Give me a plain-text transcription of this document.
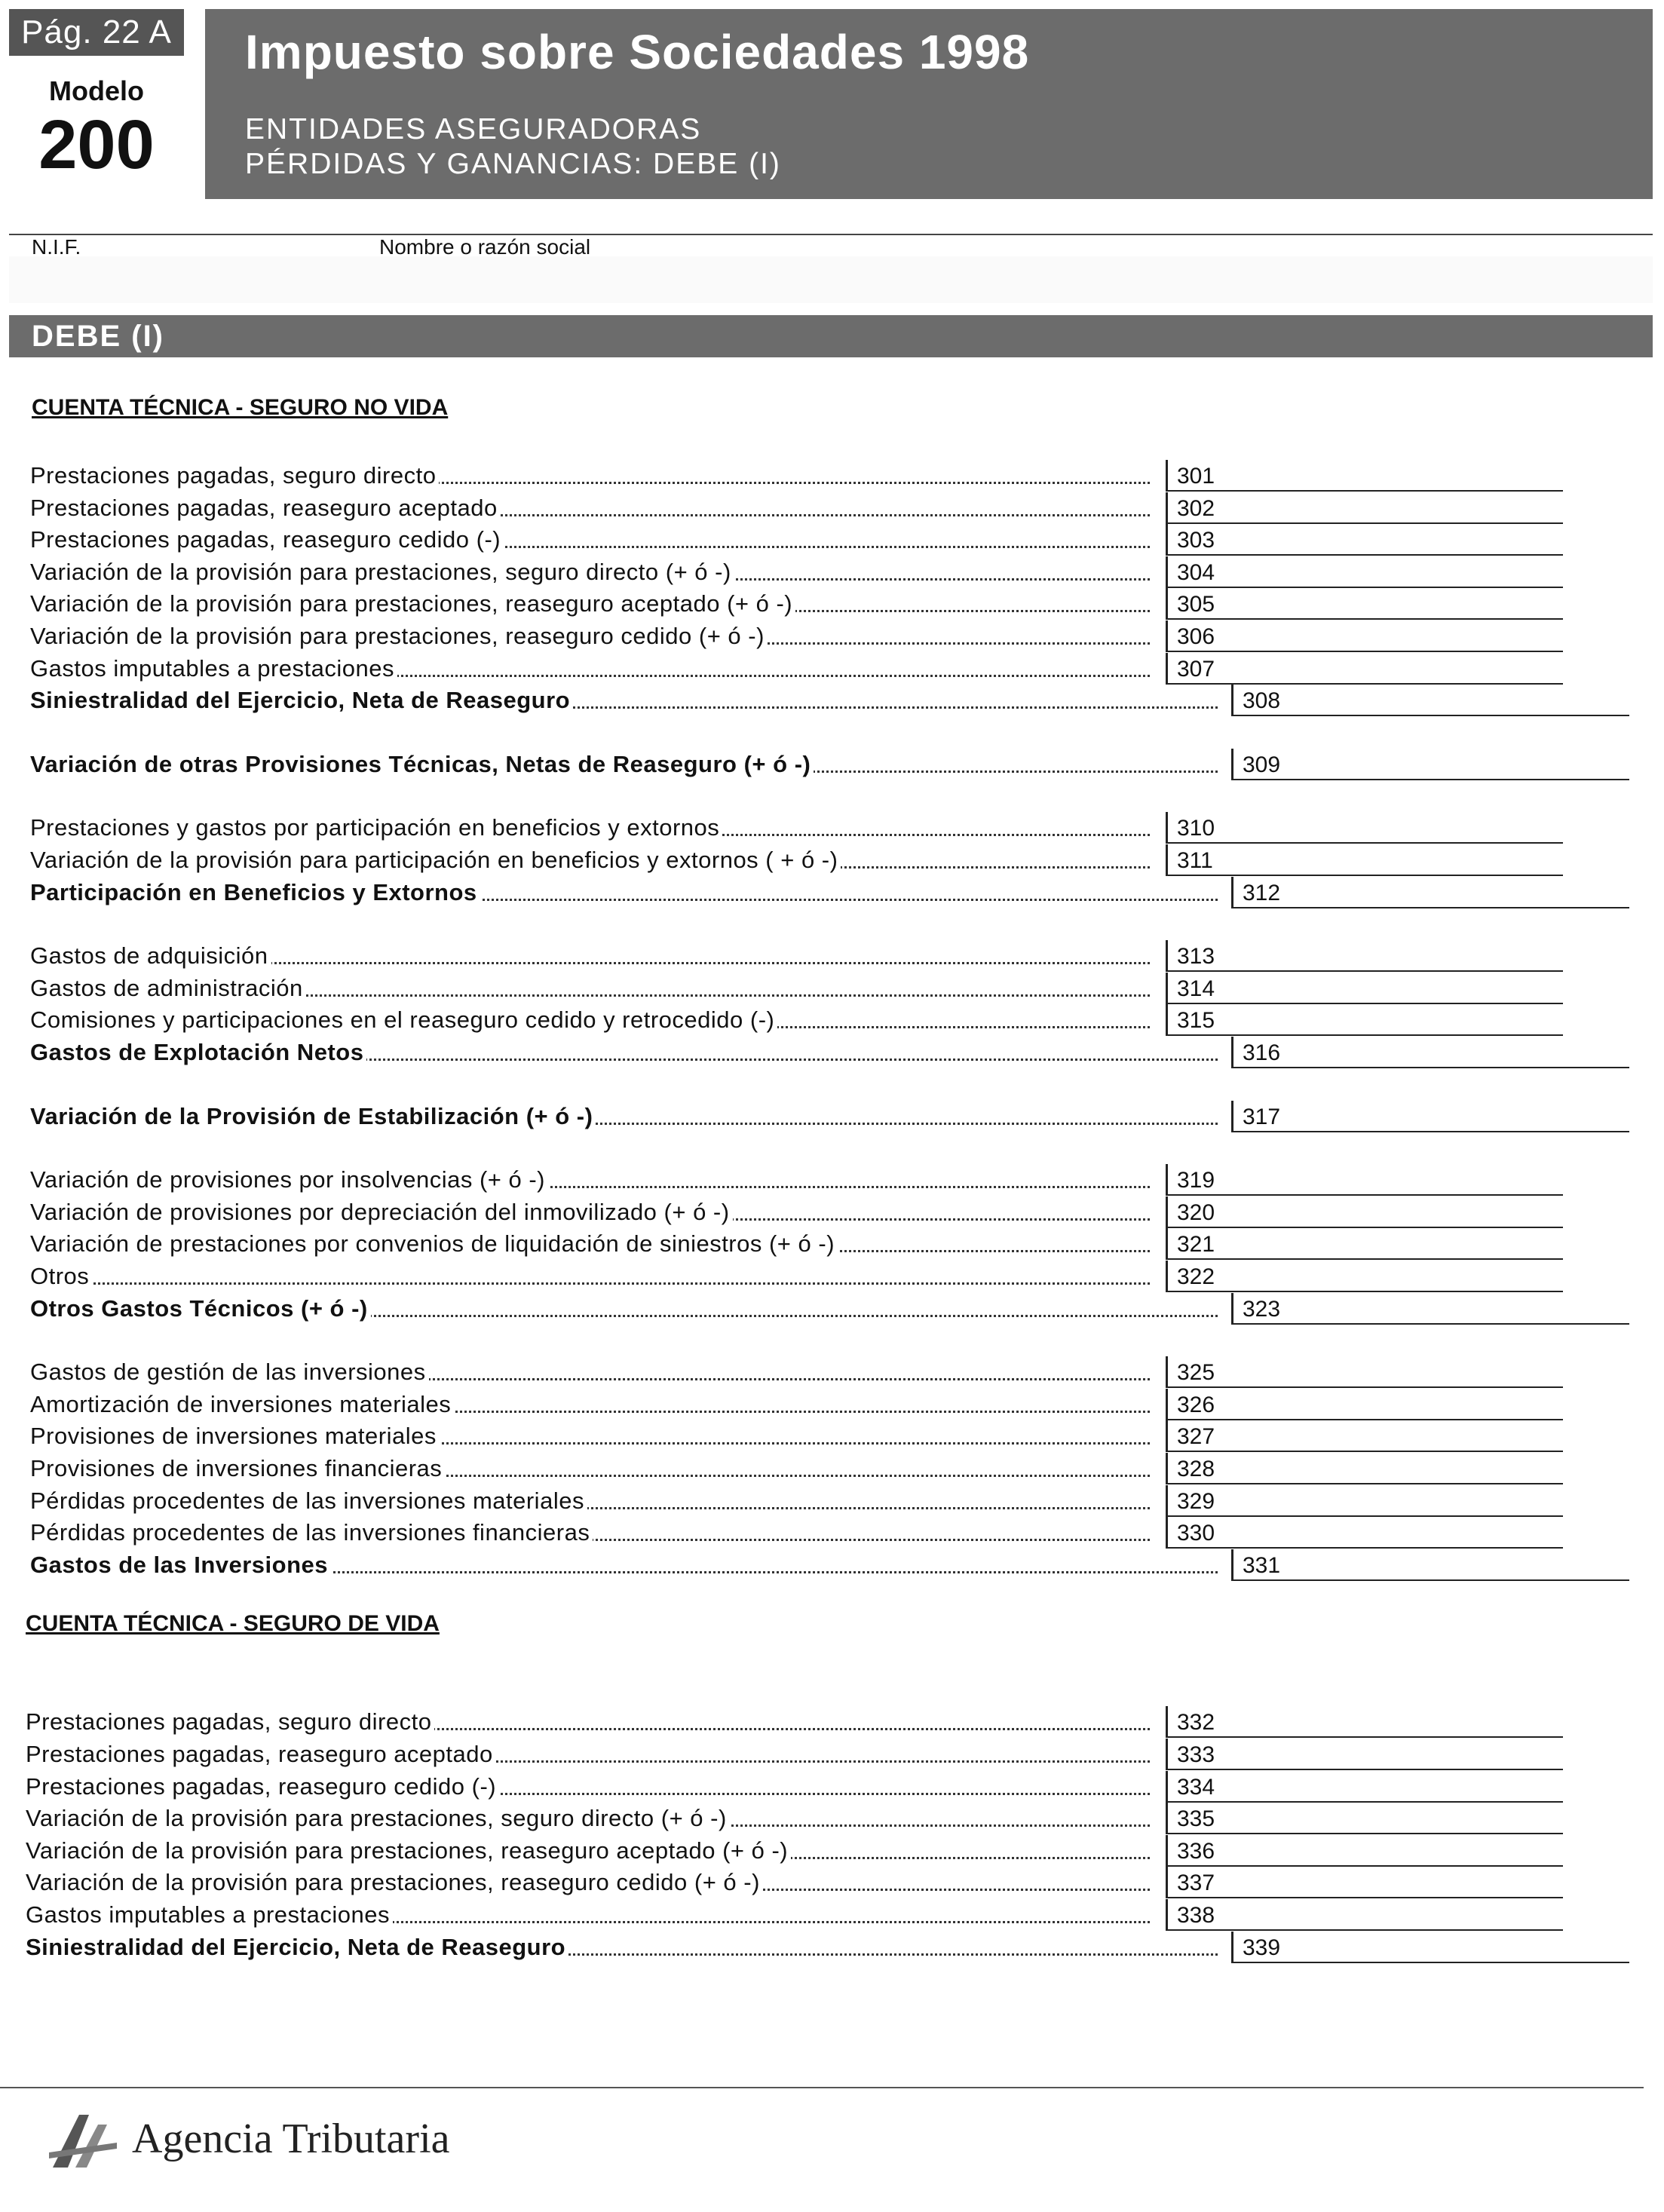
Pág. 22 A
Modelo
200
Impuesto sobre Sociedades 1998
ENTIDADES ASEGURADORAS
PÉRDIDAS Y GANANCIAS: DEBE (I)
N.I.F.	Nombre o razón social
DEBE (I)
CUENTA TÉCNICA - SEGURO NO VIDA
Prestaciones pagadas, seguro directo	301
Prestaciones pagadas, reaseguro aceptado	302
Prestaciones pagadas, reaseguro cedido (-)	303
Variación de la provisión para prestaciones, seguro directo (+ ó -)	304
Variación de la provisión para prestaciones, reaseguro aceptado (+ ó -)	305
Variación de la provisión para prestaciones, reaseguro cedido (+ ó -)	306
Gastos imputables a prestaciones	307
Siniestralidad del Ejercicio, Neta de Reaseguro	308
Variación de otras Provisiones Técnicas, Netas de Reaseguro (+ ó -)	309
Prestaciones y gastos por participación en beneficios y extornos	310
Variación de la provisión para participación en beneficios y extornos ( + ó -)	311
Participación en Beneficios y Extornos	312
Gastos de adquisición	313
Gastos de administración	314
Comisiones y participaciones en el reaseguro cedido y retrocedido (-)	315
Gastos de Explotación Netos	316
Variación de la Provisión de Estabilización (+ ó -)	317
Variación de provisiones por insolvencias (+ ó -)	319
Variación de provisiones por depreciación del inmovilizado (+ ó -)	320
Variación de prestaciones por convenios de liquidación de siniestros (+ ó -)	321
Otros	322
Otros Gastos Técnicos (+ ó -)	323
Gastos de gestión de las inversiones	325
Amortización de inversiones materiales	326
Provisiones de inversiones materiales	327
Provisiones de inversiones financieras	328
Pérdidas procedentes de las inversiones materiales	329
Pérdidas procedentes de las inversiones financieras	330
Gastos de las Inversiones	331
CUENTA TÉCNICA - SEGURO DE VIDA
Prestaciones pagadas, seguro directo	332
Prestaciones pagadas, reaseguro aceptado	333
Prestaciones pagadas, reaseguro cedido (-)	334
Variación de la provisión para prestaciones, seguro directo (+ ó -)	335
Variación de la provisión para prestaciones, reaseguro aceptado (+ ó -)	336
Variación de la provisión para prestaciones, reaseguro cedido (+ ó -)	337
Gastos imputables a prestaciones	338
Siniestralidad del Ejercicio, Neta de Reaseguro	339
Agencia Tributaria
